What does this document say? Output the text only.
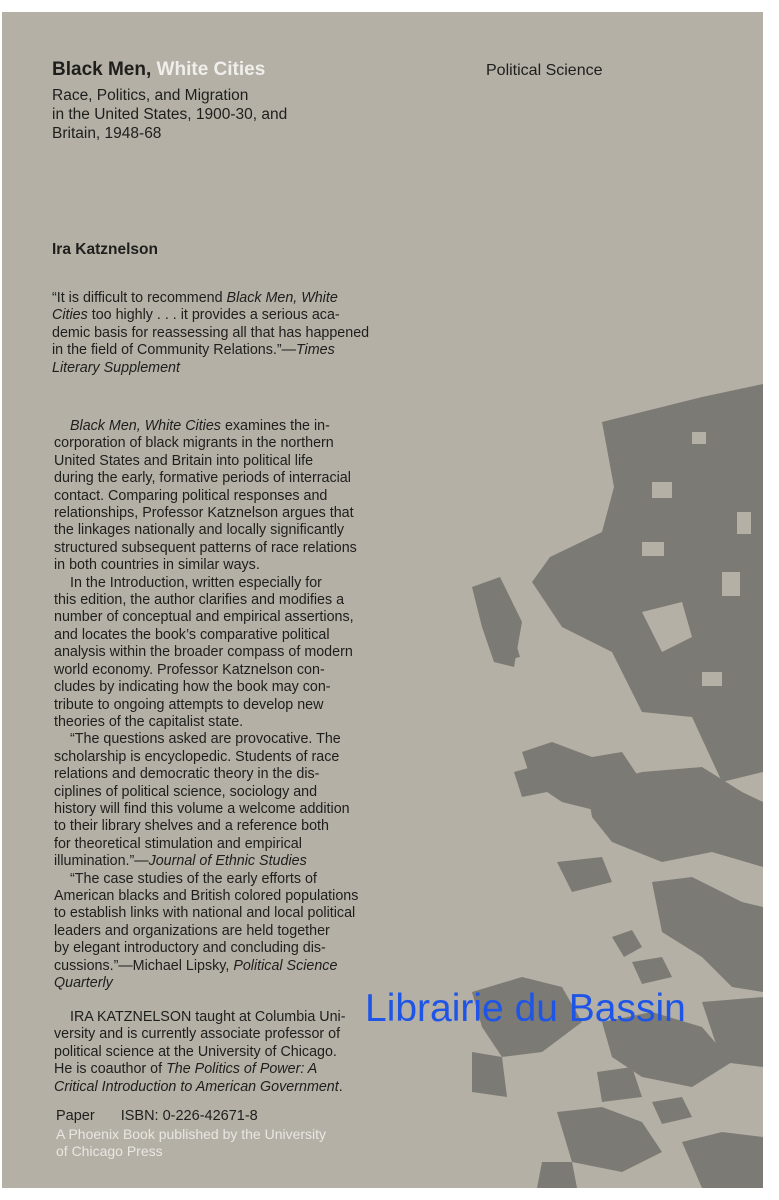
Black Men, White Cities	Political Science
Race, Politics, and Migration
in the United States, 1900-30, and
Britain, 1948-68
Ira Katznelson
“It is difficult to recommend Black Men, White
Cities too highly . . . it provides a serious aca-
demic basis for reassessing all that has happened
in the field of Community Relations.”—Times
Literary Supplement

Black Men, White Cities examines the in-
corporation of black migrants in the northern
United States and Britain into political life
during the early, formative periods of interracial
contact. Comparing political responses and
relationships, Professor Katznelson argues that
the linkages nationally and locally significantly
structured subsequent patterns of race relations
in both countries in similar ways.

In the Introduction, written especially for
this edition, the author clarifies and modifies a
number of conceptual and empirical assertions,
and locates the book’s comparative political
analysis within the broader compass of modern
world economy. Professor Katznelson con-
cludes by indicating how the book may con-
tribute to ongoing attempts to develop new
theories of the capitalist state.

“The questions asked are provocative. The
scholarship is encyclopedic. Students of race
relations and democratic theory in the dis-
ciplines of political science, sociology and
history will find this volume a welcome addition
to their library shelves and a reference both
for theoretical stimulation and empirical
illumination.”—Journal of Ethnic Studies

“The case studies of the early efforts of
American blacks and British colored populations
to establish links with national and local political
leaders and organizations are held together
by elegant introductory and concluding dis-
cussions.”—Michael Lipsky, Political Science
Quarterly

IRA KATZNELSON taught at Columbia Uni-
versity and is currently associate professor of
political science at the University of Chicago.
He is coauthor of The Politics of Power: A
Critical Introduction to American Government.
Paper ISBN: 0-226-42671-8
A Phoenix Book published by the University
of Chicago Press
Librairie du Bassin
